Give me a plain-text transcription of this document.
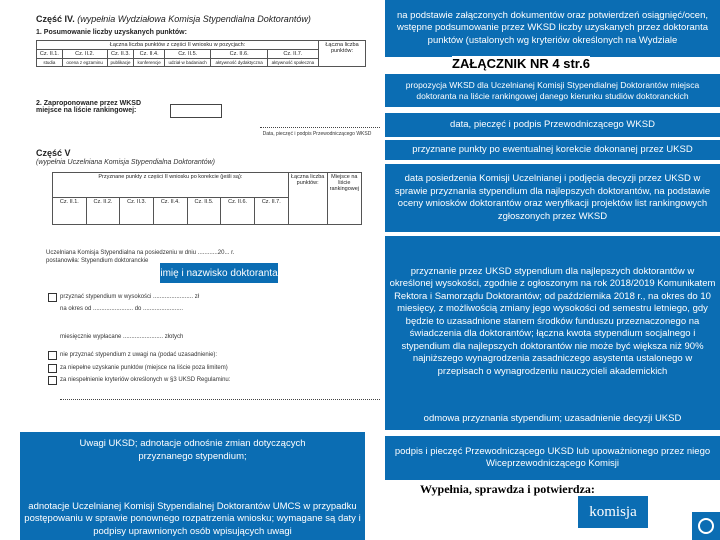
Część IV. (wypełnia Wydziałowa Komisja Stypendialna Doktorantów)
1. Posumowanie liczby uzyskanych punktów:
Łączna liczba punktów z części II wniosku w pozycjach:							Łączna liczba punktów:
Cz. II.1.	Cz. II.2.	Cz. II.3.	Cz. II.4.	Cz. II.5.	Cz. II.6.	Cz. II.7.	
studia	ocena z egzaminu	publikacje	konferencje	udział w badaniach	aktywność dydaktyczna	aktywność społeczna	
2. Zaproponowane przez WKSD miejsce na liście rankingowej:
Data, pieczęć i podpis Przewodniczącego WKSD
Część V
(wypełnia Uczelniana Komisja Stypendialna Doktorantów)
Przyznane punkty z części II wniosku po korekcie (jeśli są):							Łączna liczba punktów:	Miejsce na liście rankingowej
Cz. II.1.	Cz. II.2.	Cz. II.3.	Cz. II.4.	Cz. II.5.	Cz. II.6.	Cz. II.7.		
Uczelniana Komisja Stypendialna na posiedzeniu w dniu ............20... r.
postanowiła: Stypendium doktoranckie
przyznać stypendium w wysokości ........................ zł
na okres od ........................ do ........................
miesięcznie wypłacane ........................ złotych
nie przyznać stypendium z uwagi na (podać uzasadnienie):
za niepełne uzyskanie punktów (miejsce na liście poza limitem)
za niespełnienie kryteriów określonych w §3 UKSD Regulaminu:
imię i nazwisko doktoranta
na podstawie załączonych dokumentów oraz potwierdzeń osiągnięć/ocen, wstępne podsumowanie przez WKSD liczby uzyskanych przez doktoranta punktów (ustalonych wg kryteriów określonych na Wydziale
ZAŁĄCZNIK NR 4 str.6
propozycja WKSD dla Uczelnianej Komisji Stypendialnej Doktorantów miejsca doktoranta na liście rankingowej danego kierunku studiów doktoranckich
data, pieczęć i podpis Przewodniczącego WKSD
przyznane punkty po ewentualnej korekcie dokonanej przez UKSD
data posiedzenia Komisji Uczelnianej i podjęcia decyzji przez UKSD w sprawie przyznania stypendium dla najlepszych doktorantów, na podstawie oceny wniosków doktorantów oraz weryfikacji projektów list rankingowych zgłoszonych przez WKSD
przyznanie przez UKSD stypendium dla najlepszych doktorantów w określonej wysokości, zgodnie z ogłoszonym na rok 2018/2019 Komunikatem Rektora i Samorządu Doktorantów; od października 2018 r., na okres do 10 miesięcy, z możliwością zmiany jego wysokości od semestru letniego, gdy będzie to uzasadnione stanem środków funduszu przeznaczonego na świadczenia dla doktorantów; łączna kwota stypendium socjalnego i stypendium dla najlepszych doktorantów nie może być większa niż 90% najniższego wynagrodzenia zasadniczego asystenta ustalonego w przepisach o wynagrodzeniu nauczycieli akademickich
odmowa przyznania stypendium; uzasadnienie decyzji UKSD
Uwagi UKSD; adnotacje odnośnie zmian dotyczących przyznanego stypendium;
adnotacje Uczelnianej Komisji Stypendialnej Doktorantów UMCS w przypadku postępowaniu w sprawie ponownego rozpatrzenia wniosku; wymagane są daty i podpisy uprawnionych osób wpisujących uwagi
podpis i pieczęć Przewodniczącego UKSD lub upoważnionego przez niego Wiceprzewodniczącego Komisji
Wypełnia, sprawdza i potwierdza:
komisja
